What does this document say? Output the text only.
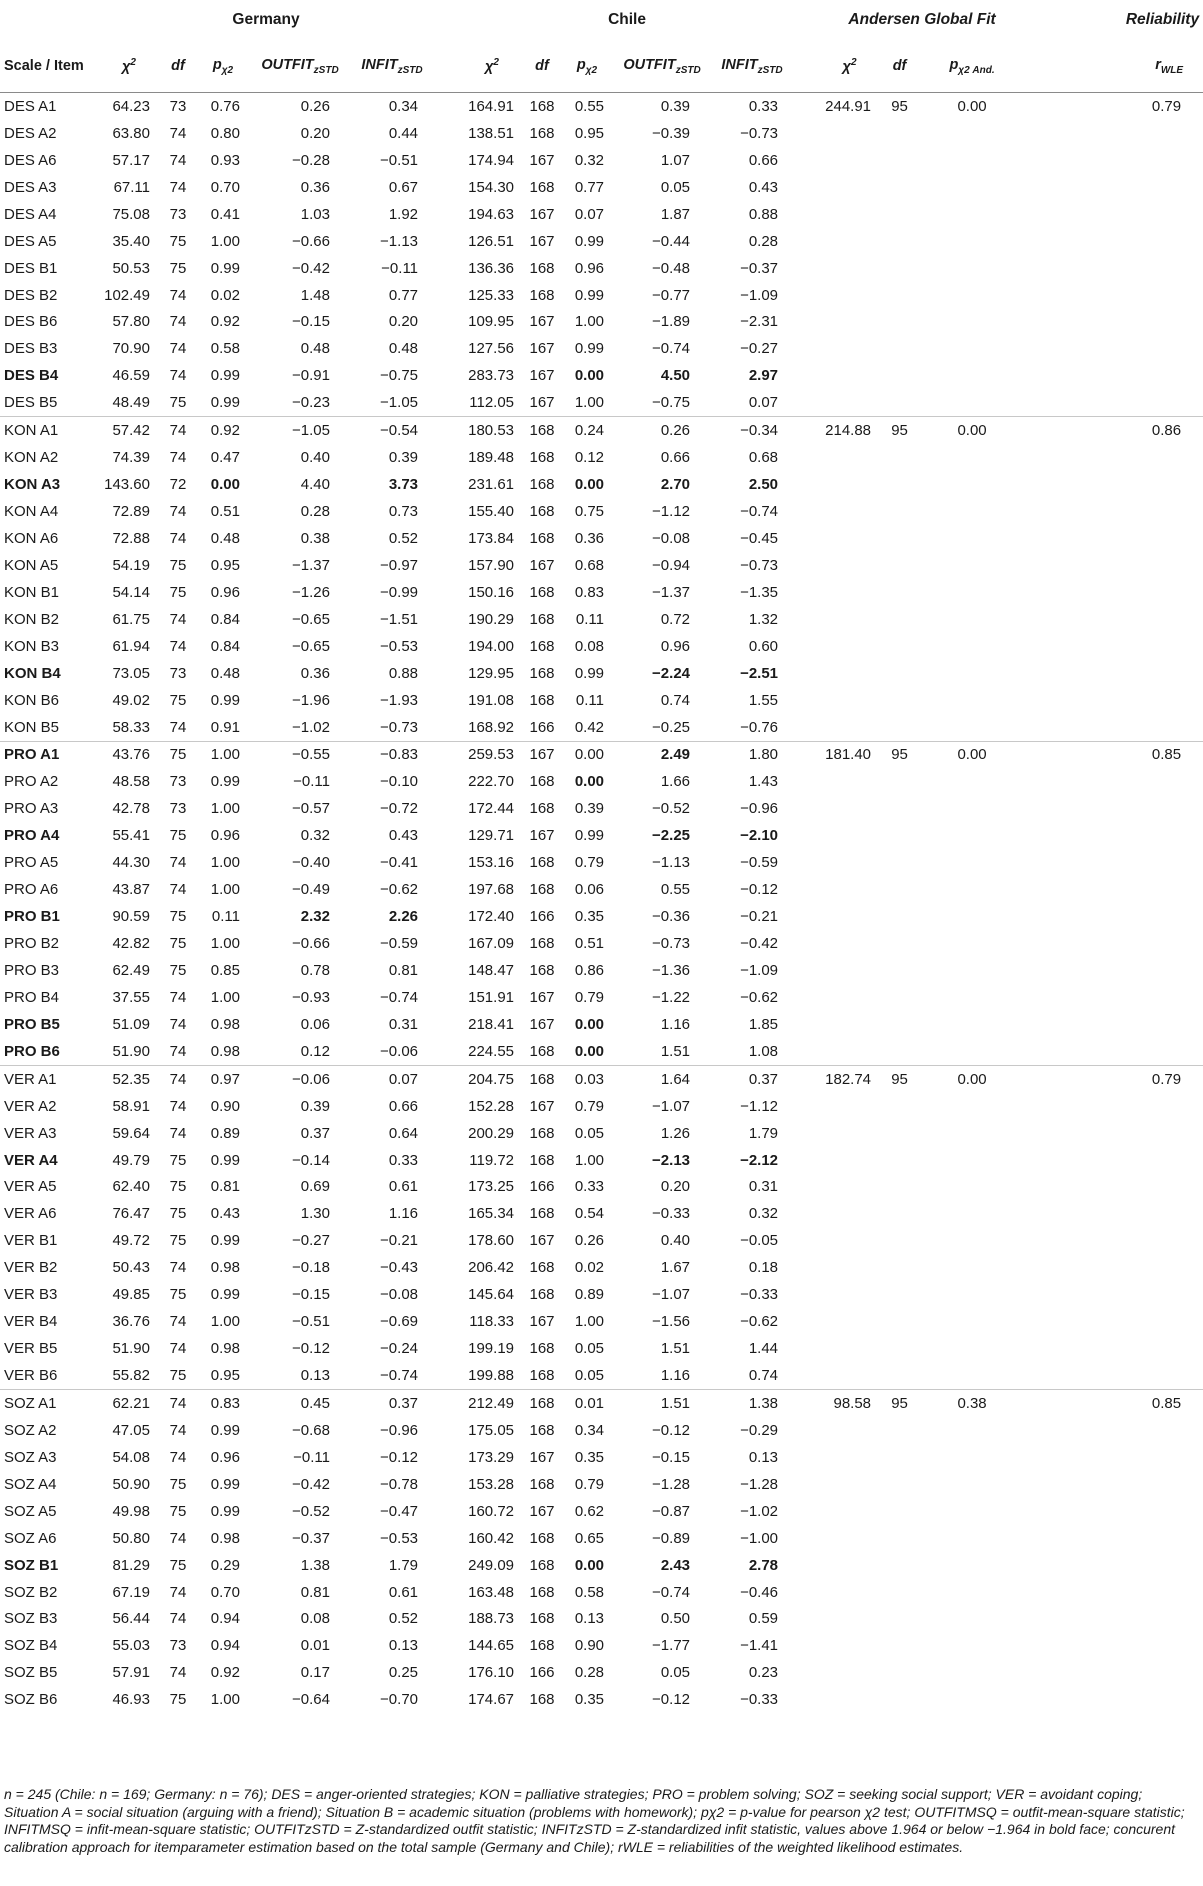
	Germany						Chile						Andersen Global Fit				Reliability
Scale / Item	$\chi^2$	df	$p_{\chi 2}$	$OUTFIT_{zSTD}$	$INFIT_{zSTD}$		$\chi^2$	df	$p_{\chi 2}$	$OUTFIT_{zSTD}$	$INFIT_{zSTD}$		$\chi^2$	df	$p_{\chi 2 And.}$		$r_{WLE}$
DES A1	64.23	73	0.76	0.26	0.34		164.91	168	0.55	0.39	0.33		244.91	95	0.00		0.79
DES A2	63.80	74	0.80	0.20	0.44		138.51	168	0.95	−0.39	−0.73						
DES A6	57.17	74	0.93	−0.28	−0.51		174.94	167	0.32	1.07	0.66						
DES A3	67.11	74	0.70	0.36	0.67		154.30	168	0.77	0.05	0.43						
DES A4	75.08	73	0.41	1.03	1.92		194.63	167	0.07	1.87	0.88						
DES A5	35.40	75	1.00	−0.66	−1.13		126.51	167	0.99	−0.44	0.28						
DES B1	50.53	75	0.99	−0.42	−0.11		136.36	168	0.96	−0.48	−0.37						
DES B2	102.49	74	0.02	1.48	0.77		125.33	168	0.99	−0.77	−1.09						
DES B6	57.80	74	0.92	−0.15	0.20		109.95	167	1.00	−1.89	−2.31						
DES B3	70.90	74	0.58	0.48	0.48		127.56	167	0.99	−0.74	−0.27						
DES B4	46.59	74	0.99	−0.91	−0.75		283.73	167	0.00	4.50	2.97						
DES B5	48.49	75	0.99	−0.23	−1.05		112.05	167	1.00	−0.75	0.07						
KON A1	57.42	74	0.92	−1.05	−0.54		180.53	168	0.24	0.26	−0.34		214.88	95	0.00		0.86
KON A2	74.39	74	0.47	0.40	0.39		189.48	168	0.12	0.66	0.68						
KON A3	143.60	72	0.00	4.40	3.73		231.61	168	0.00	2.70	2.50						
KON A4	72.89	74	0.51	0.28	0.73		155.40	168	0.75	−1.12	−0.74						
KON A6	72.88	74	0.48	0.38	0.52		173.84	168	0.36	−0.08	−0.45						
KON A5	54.19	75	0.95	−1.37	−0.97		157.90	167	0.68	−0.94	−0.73						
KON B1	54.14	75	0.96	−1.26	−0.99		150.16	168	0.83	−1.37	−1.35						
KON B2	61.75	74	0.84	−0.65	−1.51		190.29	168	0.11	0.72	1.32						
KON B3	61.94	74	0.84	−0.65	−0.53		194.00	168	0.08	0.96	0.60						
KON B4	73.05	73	0.48	0.36	0.88		129.95	168	0.99	−2.24	−2.51						
KON B6	49.02	75	0.99	−1.96	−1.93		191.08	168	0.11	0.74	1.55						
KON B5	58.33	74	0.91	−1.02	−0.73		168.92	166	0.42	−0.25	−0.76						
PRO A1	43.76	75	1.00	−0.55	−0.83		259.53	167	0.00	2.49	1.80		181.40	95	0.00		0.85
PRO A2	48.58	73	0.99	−0.11	−0.10		222.70	168	0.00	1.66	1.43						
PRO A3	42.78	73	1.00	−0.57	−0.72		172.44	168	0.39	−0.52	−0.96						
PRO A4	55.41	75	0.96	0.32	0.43		129.71	167	0.99	−2.25	−2.10						
PRO A5	44.30	74	1.00	−0.40	−0.41		153.16	168	0.79	−1.13	−0.59						
PRO A6	43.87	74	1.00	−0.49	−0.62		197.68	168	0.06	0.55	−0.12						
PRO B1	90.59	75	0.11	2.32	2.26		172.40	166	0.35	−0.36	−0.21						
PRO B2	42.82	75	1.00	−0.66	−0.59		167.09	168	0.51	−0.73	−0.42						
PRO B3	62.49	75	0.85	0.78	0.81		148.47	168	0.86	−1.36	−1.09						
PRO B4	37.55	74	1.00	−0.93	−0.74		151.91	167	0.79	−1.22	−0.62						
PRO B5	51.09	74	0.98	0.06	0.31		218.41	167	0.00	1.16	1.85						
PRO B6	51.90	74	0.98	0.12	−0.06		224.55	168	0.00	1.51	1.08						
VER A1	52.35	74	0.97	−0.06	0.07		204.75	168	0.03	1.64	0.37		182.74	95	0.00		0.79
VER A2	58.91	74	0.90	0.39	0.66		152.28	167	0.79	−1.07	−1.12						
VER A3	59.64	74	0.89	0.37	0.64		200.29	168	0.05	1.26	1.79						
VER A4	49.79	75	0.99	−0.14	0.33		119.72	168	1.00	−2.13	−2.12						
VER A5	62.40	75	0.81	0.69	0.61		173.25	166	0.33	0.20	0.31						
VER A6	76.47	75	0.43	1.30	1.16		165.34	168	0.54	−0.33	0.32						
VER B1	49.72	75	0.99	−0.27	−0.21		178.60	167	0.26	0.40	−0.05						
VER B2	50.43	74	0.98	−0.18	−0.43		206.42	168	0.02	1.67	0.18						
VER B3	49.85	75	0.99	−0.15	−0.08		145.64	168	0.89	−1.07	−0.33						
VER B4	36.76	74	1.00	−0.51	−0.69		118.33	167	1.00	−1.56	−0.62						
VER B5	51.90	74	0.98	−0.12	−0.24		199.19	168	0.05	1.51	1.44						
VER B6	55.82	75	0.95	0.13	−0.74		199.88	168	0.05	1.16	0.74						
SOZ A1	62.21	74	0.83	0.45	0.37		212.49	168	0.01	1.51	1.38		98.58	95	0.38		0.85
SOZ A2	47.05	74	0.99	−0.68	−0.96		175.05	168	0.34	−0.12	−0.29						
SOZ A3	54.08	74	0.96	−0.11	−0.12		173.29	167	0.35	−0.15	0.13						
SOZ A4	50.90	75	0.99	−0.42	−0.78		153.28	168	0.79	−1.28	−1.28						
SOZ A5	49.98	75	0.99	−0.52	−0.47		160.72	167	0.62	−0.87	−1.02						
SOZ A6	50.80	74	0.98	−0.37	−0.53		160.42	168	0.65	−0.89	−1.00						
SOZ B1	81.29	75	0.29	1.38	1.79		249.09	168	0.00	2.43	2.78						
SOZ B2	67.19	74	0.70	0.81	0.61		163.48	168	0.58	−0.74	−0.46						
SOZ B3	56.44	74	0.94	0.08	0.52		188.73	168	0.13	0.50	0.59						
SOZ B4	55.03	73	0.94	0.01	0.13		144.65	168	0.90	−1.77	−1.41						
SOZ B5	57.91	74	0.92	0.17	0.25		176.10	166	0.28	0.05	0.23						
SOZ B6	46.93	75	1.00	−0.64	−0.70		174.67	168	0.35	−0.12	−0.33						
n = 245 (Chile: n = 169; Germany: n = 76); DES = anger-oriented strategies; KON = palliative strategies; PRO = problem solving; SOZ = seeking social support; VER = avoidant coping; Situation A = social situation (arguing with a friend); Situation B = academic situation (problems with homework); pχ2 = p-value for pearson χ2 test; OUTFITMSQ = outfit-mean-square statistic; INFITMSQ = infit-mean-square statistic; OUTFITzSTD = Z-standardized outfit statistic; INFITzSTD = Z-standardized infit statistic, values above 1.964 or below −1.964 in bold face; concurent calibration approach for itemparameter estimation based on the total sample (Germany and Chile); rWLE = reliabilities of the weighted likelihood estimates.
